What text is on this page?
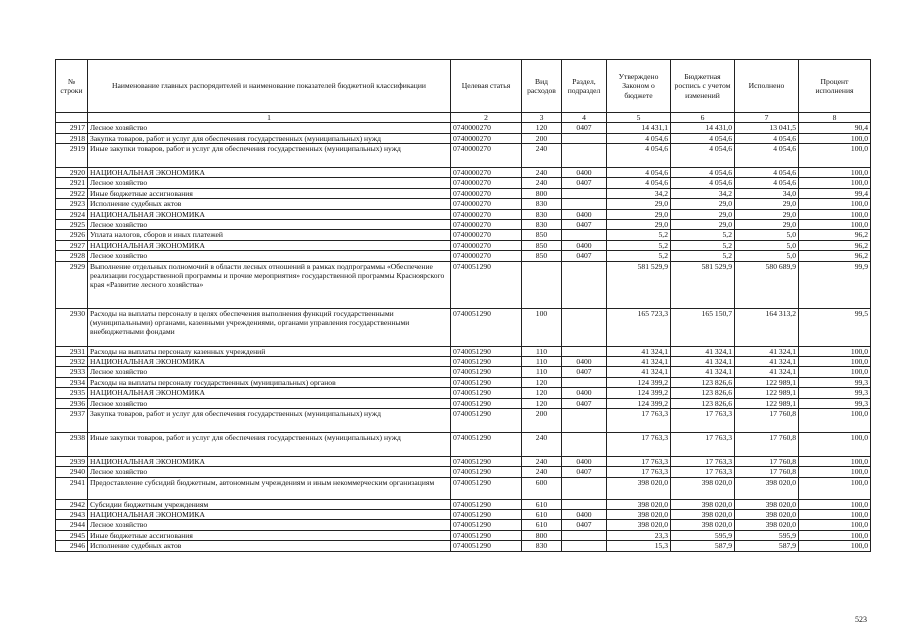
№ строки	Наименование главных распорядителей и наименование показателей бюджетной классификации	Целевая статья	Вид расходов	Раздел, подраздел	Утверждено Законом о бюджете	Бюджетная роспись с учетом изменений	Исполнено	Процент исполнения
	1	2	3	4	5	6	7	8
2917	Лесное хозяйство	0740000270	120	0407	14 431,1	14 431,0	13 041,5	90,4
2918	Закупка товаров, работ и услуг для обеспечения государственных (муниципальных) нужд	0740000270	200		4 054,6	4 054,6	4 054,6	100,0
2919	Иные закупки товаров, работ и услуг для обеспечения государственных (муниципальных) нужд	0740000270	240		4 054,6	4 054,6	4 054,6	100,0
2920	НАЦИОНАЛЬНАЯ ЭКОНОМИКА	0740000270	240	0400	4 054,6	4 054,6	4 054,6	100,0
2921	Лесное хозяйство	0740000270	240	0407	4 054,6	4 054,6	4 054,6	100,0
2922	Иные бюджетные ассигнования	0740000270	800		34,2	34,2	34,0	99,4
2923	Исполнение судебных актов	0740000270	830		29,0	29,0	29,0	100,0
2924	НАЦИОНАЛЬНАЯ ЭКОНОМИКА	0740000270	830	0400	29,0	29,0	29,0	100,0
2925	Лесное хозяйство	0740000270	830	0407	29,0	29,0	29,0	100,0
2926	Уплата налогов, сборов и иных платежей	0740000270	850		5,2	5,2	5,0	96,2
2927	НАЦИОНАЛЬНАЯ ЭКОНОМИКА	0740000270	850	0400	5,2	5,2	5,0	96,2
2928	Лесное хозяйство	0740000270	850	0407	5,2	5,2	5,0	96,2
2929	Выполнение отдельных полномочий в области лесных отношений в рамках подпрограммы «Обеспечение реализации государственной программы и прочие мероприятия» государственной программы Красноярского края «Развитие лесного хозяйства»	0740051290			581 529,9	581 529,9	580 689,9	99,9
2930	Расходы на выплаты персоналу в целях обеспечения выполнения функций государственными (муниципальными) органами, казенными учреждениями, органами управления государственными внебюджетными фондами	0740051290	100		165 723,3	165 150,7	164 313,2	99,5
2931	Расходы на выплаты персоналу казенных учреждений	0740051290	110		41 324,1	41 324,1	41 324,1	100,0
2932	НАЦИОНАЛЬНАЯ ЭКОНОМИКА	0740051290	110	0400	41 324,1	41 324,1	41 324,1	100,0
2933	Лесное хозяйство	0740051290	110	0407	41 324,1	41 324,1	41 324,1	100,0
2934	Расходы на выплаты персоналу государственных (муниципальных) органов	0740051290	120		124 399,2	123 826,6	122 989,1	99,3
2935	НАЦИОНАЛЬНАЯ ЭКОНОМИКА	0740051290	120	0400	124 399,2	123 826,6	122 989,1	99,3
2936	Лесное хозяйство	0740051290	120	0407	124 399,2	123 826,6	122 989,1	99,3
2937	Закупка товаров, работ и услуг для обеспечения государственных (муниципальных) нужд	0740051290	200		17 763,3	17 763,3	17 760,8	100,0
2938	Иные закупки товаров, работ и услуг для обеспечения государственных (муниципальных) нужд	0740051290	240		17 763,3	17 763,3	17 760,8	100,0
2939	НАЦИОНАЛЬНАЯ ЭКОНОМИКА	0740051290	240	0400	17 763,3	17 763,3	17 760,8	100,0
2940	Лесное хозяйство	0740051290	240	0407	17 763,3	17 763,3	17 760,8	100,0
2941	Предоставление субсидий бюджетным, автономным учреждениям и иным некоммерческим организациям	0740051290	600		398 020,0	398 020,0	398 020,0	100,0
2942	Субсидии бюджетным учреждениям	0740051290	610		398 020,0	398 020,0	398 020,0	100,0
2943	НАЦИОНАЛЬНАЯ ЭКОНОМИКА	0740051290	610	0400	398 020,0	398 020,0	398 020,0	100,0
2944	Лесное хозяйство	0740051290	610	0407	398 020,0	398 020,0	398 020,0	100,0
2945	Иные бюджетные ассигнования	0740051290	800		23,3	595,9	595,9	100,0
2946	Исполнение судебных актов	0740051290	830		15,3	587,9	587,9	100,0
523
